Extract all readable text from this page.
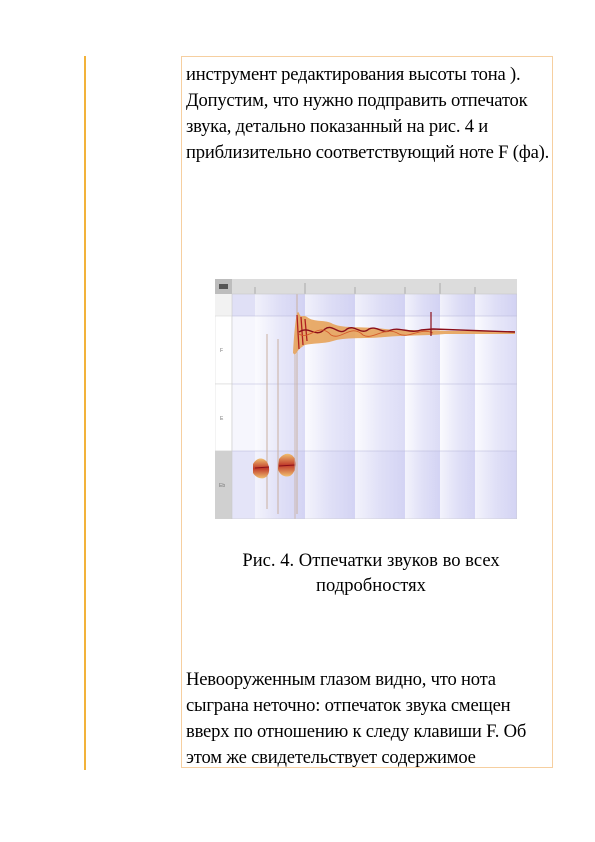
инструмент редактирования высоты тона ). Допустим, что нужно подправить отпечаток звука, детально показанный на рис. 4 и приблизительно соответствующий ноте F (фа).

F
E
Eb
Рис. 4. Отпечатки звуков во всех
подробностях

Невооруженным глазом видно, что нота сыграна неточно: отпечаток звука смещен вверх по отношению к следу клавиши F. Об этом же свидетельствует содержимое
